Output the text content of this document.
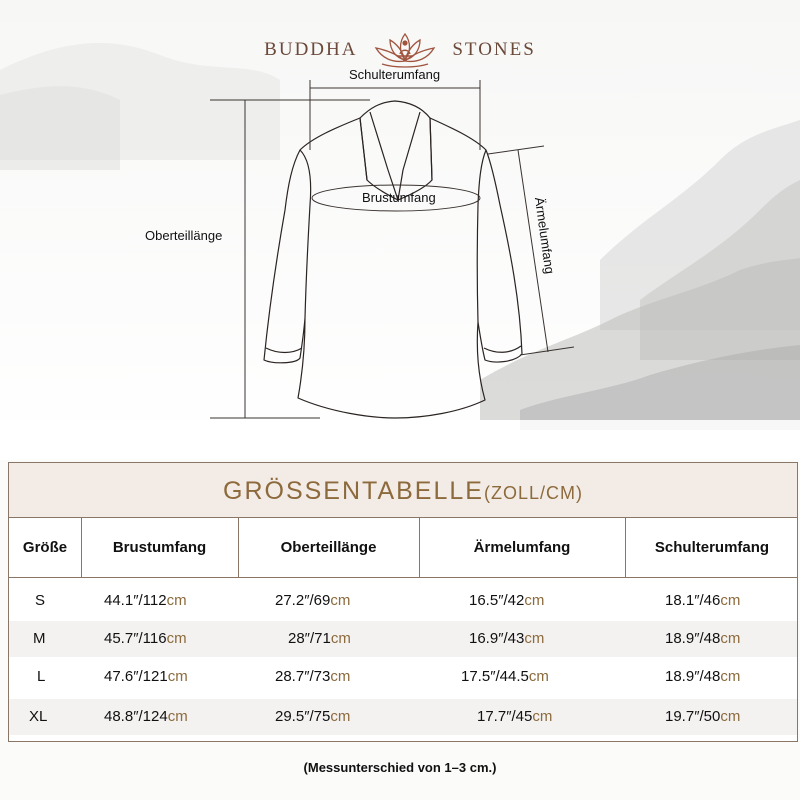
BUDDHA	STONES
Schulterumfang
Brustumfang
Oberteillänge	Ärmelumfang
GRÖSSENTABELLE(ZOLL/CM)
Größe	Brustumfang	Oberteillänge	Ärmelumfang	Schulterumfang
S	44.1″/112cm	27.2″/69cm	16.5″/42cm	18.1″/46cm
M	45.7″/116cm	28″/71cm	16.9″/43cm	18.9″/48cm
L	47.6″/121cm	28.7″/73cm	17.5″/44.5cm	18.9″/48cm
XL	48.8″/124cm	29.5″/75cm	17.7″/45cm	19.7″/50cm
(Messunterschied von 1–3 cm.)
